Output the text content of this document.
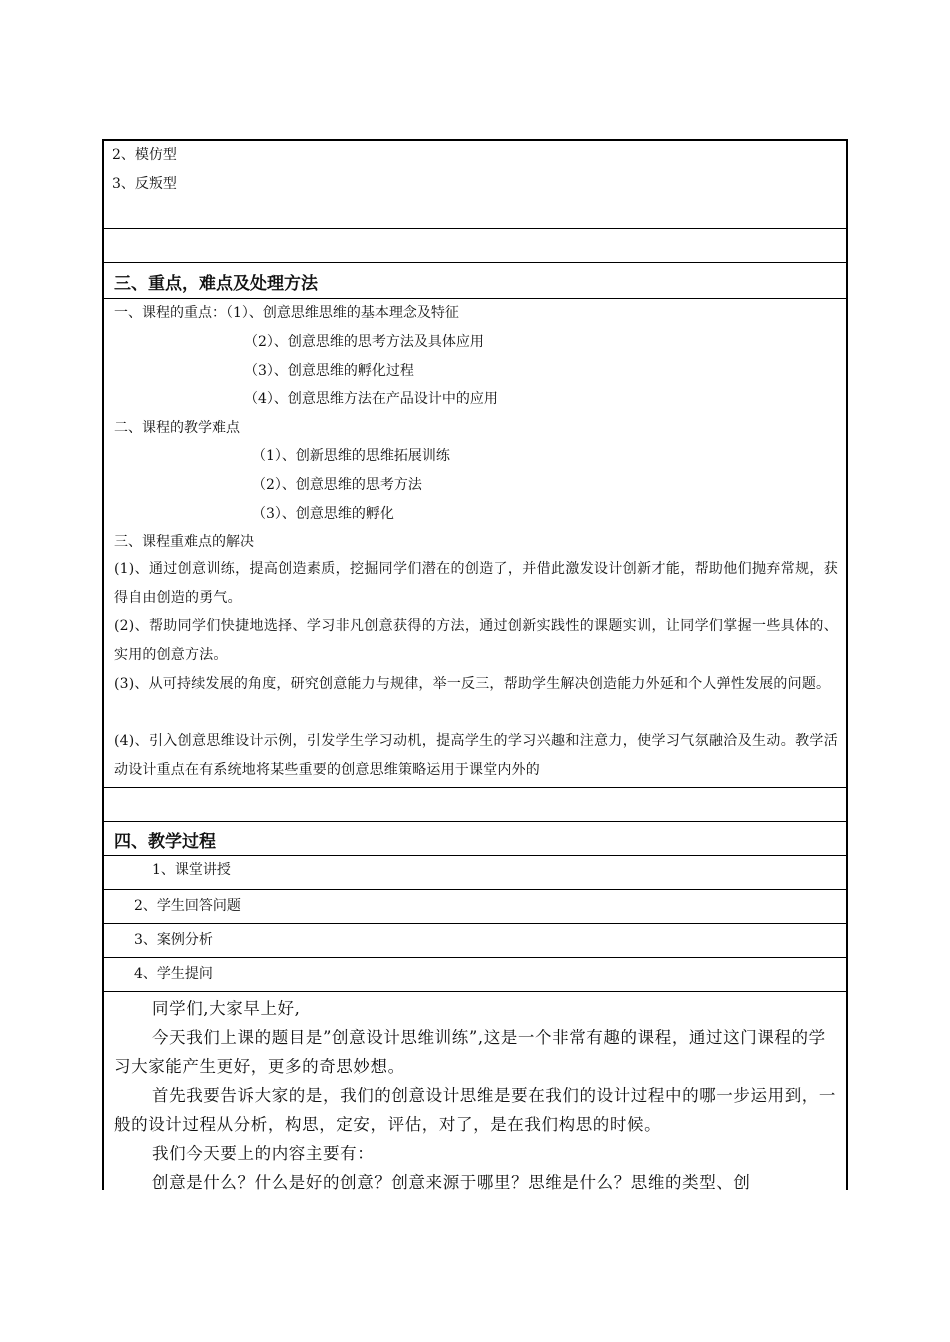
2、模仿型
3、反叛型
三、重点，难点及处理方法
一、课程的重点：（1）、创意思维思维的基本理念及特征
（2）、创意思维的思考方法及具体应用
（3）、创意思维的孵化过程
（4）、创意思维方法在产品设计中的应用
二、课程的教学难点
（1）、创新思维的思维拓展训练
（2）、创意思维的思考方法
（3）、创意思维的孵化
三、课程重难点的解决
(1)、通过创意训练，提高创造素质，挖掘同学们潜在的创造了，并借此激发设计创新才能，帮助他们抛弃常规，获得自由创造的勇气。
(2)、帮助同学们快捷地选择、学习非凡创意获得的方法，通过创新实践性的课题实训，让同学们掌握一些具体的、实用的创意方法。
(3)、从可持续发展的角度，研究创意能力与规律，举一反三，帮助学生解决创造能力外延和个人弹性发展的问题。
(4)、引入创意思维设计示例，引发学生学习动机，提高学生的学习兴趣和注意力，使学习气氛融洽及生动。教学活动设计重点在有系统地将某些重要的创意思维策略运用于课堂内外的
四、教学过程
1、课堂讲授
2、学生回答问题
3、案例分析
4、学生提问
同学们,大家早上好,
今天我们上课的题目是”创意设计思维训练”,这是一个非常有趣的课程，通过这门课程的学习大家能产生更好，更多的奇思妙想。
首先我要告诉大家的是，我们的创意设计思维是要在我们的设计过程中的哪一步运用到，一般的设计过程从分析，构思，定安，评估，对了，是在我们构思的时候。
我们今天要上的内容主要有：
创意是什么？什么是好的创意？创意来源于哪里？思维是什么？思维的类型、创
